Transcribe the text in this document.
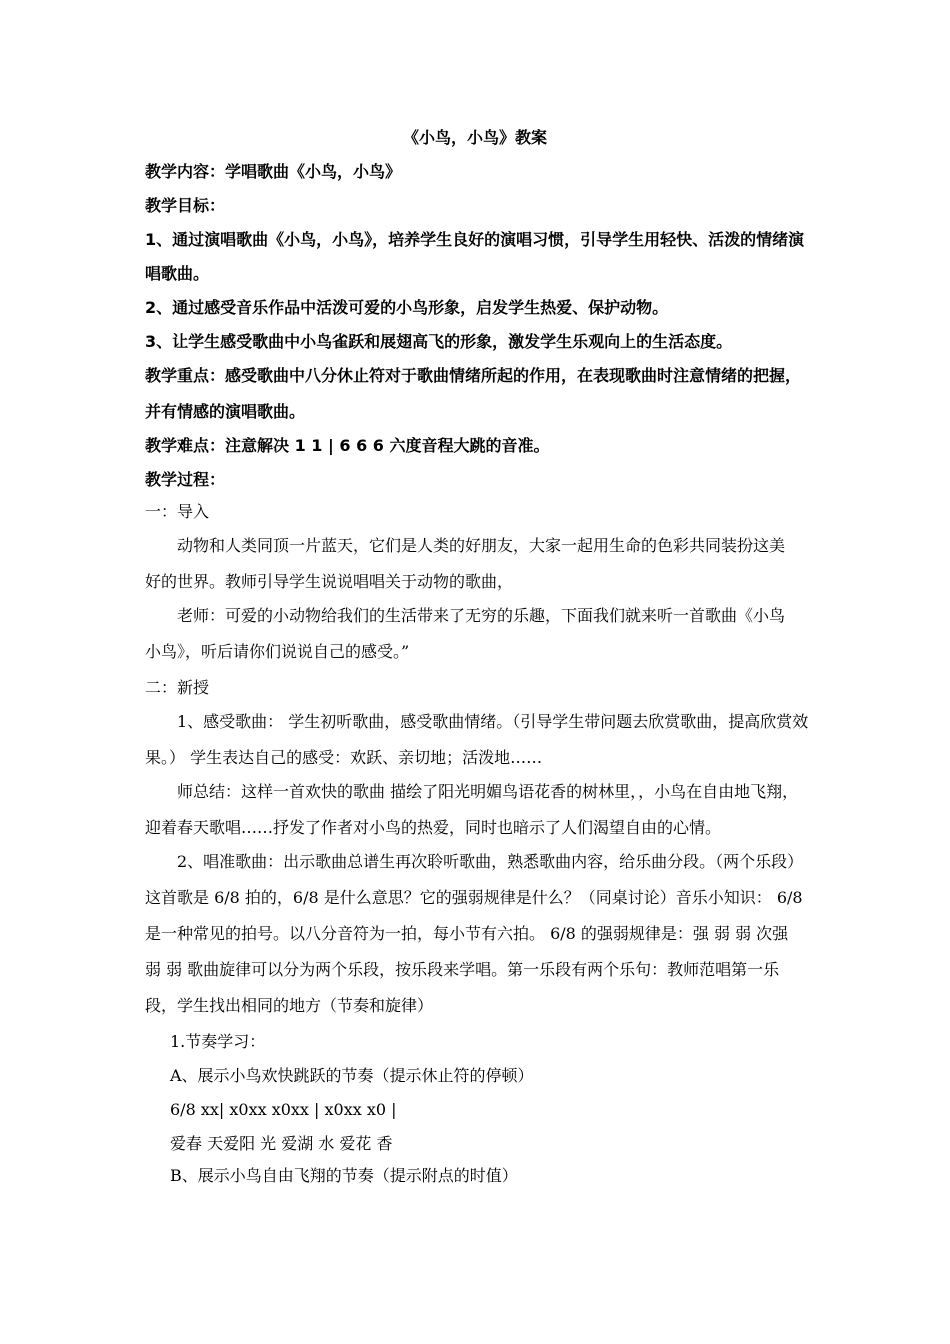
《小鸟，小鸟》教案
教学内容：学唱歌曲《小鸟，小鸟》
教学目标：
1、通过演唱歌曲《小鸟，小鸟》，培养学生良好的演唱习惯，引导学生用轻快、活泼的情绪演
唱歌曲。
2、通过感受音乐作品中活泼可爱的小鸟形象，启发学生热爱、保护动物。
3、让学生感受歌曲中小鸟雀跃和展翅高飞的形象，激发学生乐观向上的生活态度。
教学重点：感受歌曲中八分休止符对于歌曲情绪所起的作用，在表现歌曲时注意情绪的把握，
并有情感的演唱歌曲。
教学难点：注意解决 1 1 | 6 6 6 六度音程大跳的音准。
教学过程：
一：导入
动物和人类同顶一片蓝天，它们是人类的好朋友，大家一起用生命的色彩共同装扮这美
好的世界。教师引导学生说说唱唱关于动物的歌曲，
老师：可爱的小动物给我们的生活带来了无穷的乐趣，下面我们就来听一首歌曲《小鸟
小鸟》，听后请你们说说自己的感受。”
二：新授
1、感受歌曲： 学生初听歌曲，感受歌曲情绪。（引导学生带问题去欣赏歌曲，提高欣赏效
果。） 学生表达自己的感受：欢跃、亲切地；活泼地……
师总结：这样一首欢快的歌曲 描绘了阳光明媚鸟语花香的树林里，，小鸟在自由地飞翔，
迎着春天歌唱……抒发了作者对小鸟的热爱，同时也暗示了人们渴望自由的心情。
2、唱准歌曲：出示歌曲总谱生再次聆听歌曲，熟悉歌曲内容，给乐曲分段。（两个乐段）
这首歌是 6/8 拍的，6/8 是什么意思？它的强弱规律是什么？（同桌讨论）音乐小知识： 6/8
是一种常见的拍号。以八分音符为一拍，每小节有六拍。 6/8 的强弱规律是：强 弱 弱 次强
弱 弱 歌曲旋律可以分为两个乐段，按乐段来学唱。第一乐段有两个乐句：教师范唱第一乐
段，学生找出相同的地方（节奏和旋律）
1.节奏学习：
A、展示小鸟欢快跳跃的节奏（提示休止符的停顿）
6/8 xx| x0xx x0xx | x0xx x0 |
爱春 天爱阳 光 爱湖 水 爱花 香
B、展示小鸟自由飞翔的节奏（提示附点的时值）
